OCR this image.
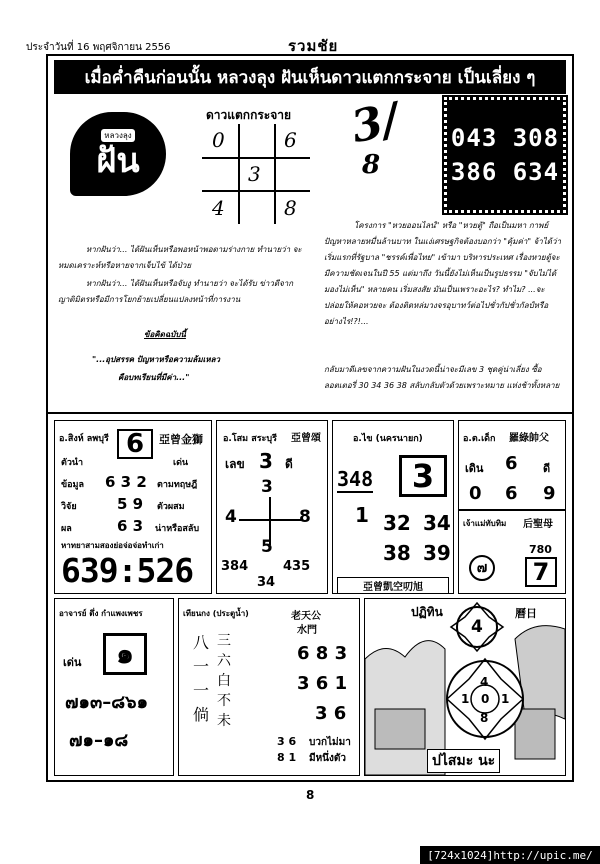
ประจำวันที่ 16 พฤศจิกายน 2556	รวมชัย
เมื่อค่ำคืนก่อนนั้น หลวงลุง ฝันเห็นดาวแตกกระจาย เป็นเลี่ยง ๆ
หลวงลุง
ฝัน
ดาวแตกกระจาย
0	6
3
4	8
3/
8
043 308
386 634
หากฝันว่า... ได้ฝันเห็นหรือพอหน้าพอตามร่างกาย ทำนายว่า จะหมดเคราะห์หรือหายจากเจ็บไข้ ได้ป่วย
หากฝันว่า... ได้ฝันเห็นหรือจับงู ทำนายว่า จะได้รับ ข่าวดีจากญาติมิตรหรือมีการโยกย้ายเปลี่ยนแปลงหน้าที่การงาน
ข้อคิดฉบับนี้
"...อุปสรรค ปัญหาหรือความล้มเหลว
คือบทเรียนที่มีค่า..."
โครงการ "หวยออนไลน์" หรือ "หวยตู้" ถือเป็นมหา กาพย์ปัญหาหลายหมื่นล้านบาท ในแง่เศรษฐกิจต้องบอกว่า "คุ้มค่า" จ้าได้ว่าเริ่มแรกที่รัฐบาล "ชรรค์เพื่อไทย" เข้ามา บริหารประเทศ เรื่องหวยตู้จะมีความชัดเจนในปี 55 แต่มาถึง วันนี้ยังไม่เห็นเป็นรูปธรรม "จับไม่ได้มองไม่เห็น" หลายคน เริ่มสงสัย มันเป็นเพราะอะไร? ทำไม? ...จะปล่อยให้คอหวยจะ ต้องติดหล่มวงจรอุบาทว์ต่อไปชั่วกัปชั่วกัลป์หรืออย่างไร!?!...
กลับมาดีเลขจากความฝันในงวดนี้น่าจะมีเลข 3 ชุดคู่น่าเลี่ยง ซื้อลอตเตอรี่ 30 34 36 38 สลับกลับตัวด้วยเพราะหมาย แห่งช้าทั้งหลาย
อ.สิงห์ ลพบุรี 6	亞曾金獅
ตัวนำ	เด่น
ข้อมูล 6 3 2 ตามทฤษฎี
วิจัย	5 9 ตัวผสม
ผล	6 3 น่าหรือสลับ
หาทยาสามสองย่อจ่อจ่อทำเก่า
639:526
อ.โสม สระบุรี 亞曾頌
เลข 3 ดี
3
4	8
5
384	435
34
อ.ไข (นครนายก)
348	3
1 32 34
38 39
亞曾凱空叨旭
อ.ต.เด็ก 羅綠帥父
เดิน 6 ดี
0 6 9
เจ้าแม่ทับทิม 后聖母
780
๗	7
อาจารย์ ตึ่ง กำแพงเพชร
เด่น	๑
๗๑๓–๘๖๑
๗๑–๑๘
เทียนกง (ประตูน้ำ)	老天公
水門
八
一
一
倘
三
六
白
不
未
6 8 3
3 6 1
3 6
3 6 บวกไม่มา
8 1 มีหนึ่งตัว
ปฏิทิน	曆日
4
4
1 0 1
8
ปไสมะ นะ
8
[724x1024]http://upic.me/
